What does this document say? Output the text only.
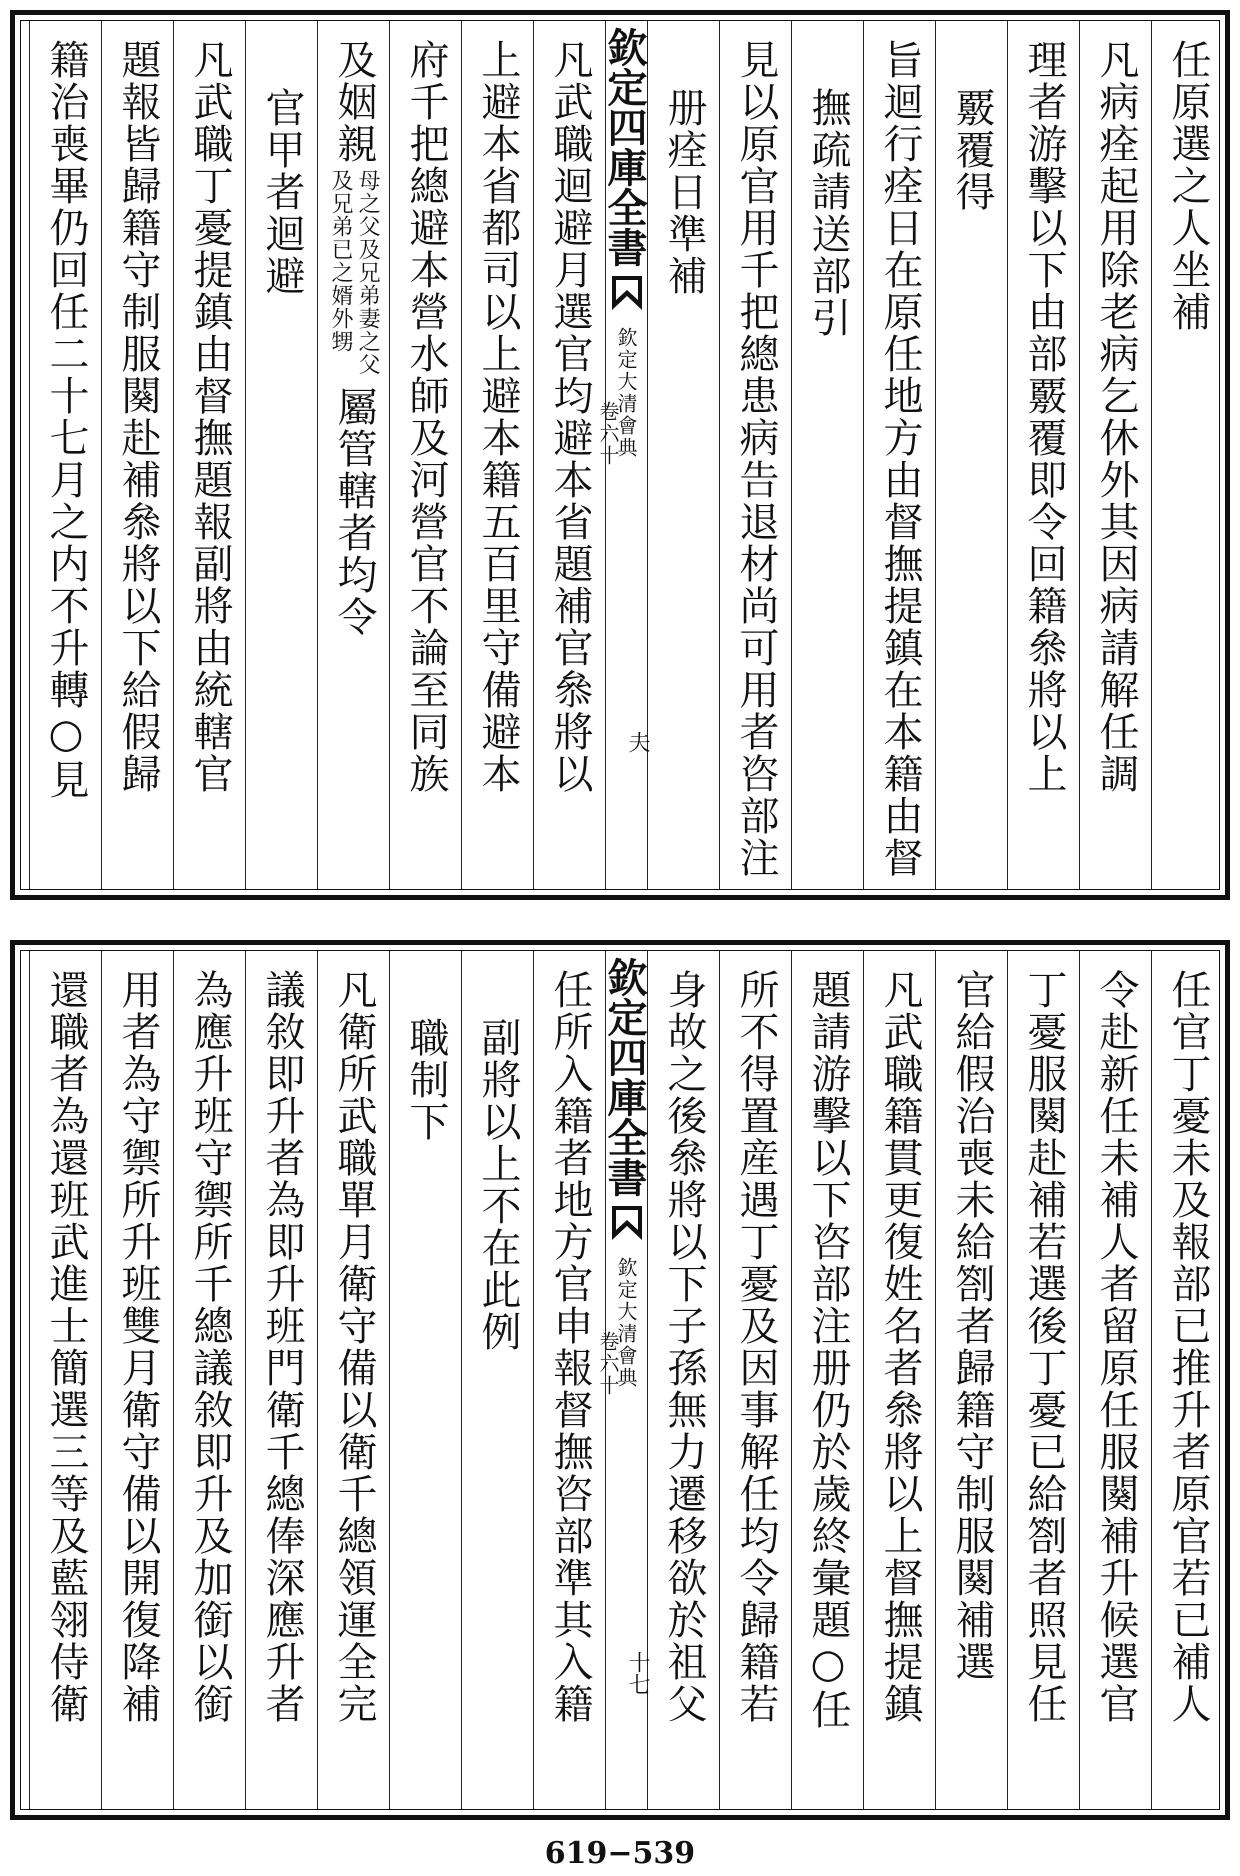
任原選之人坐補
凡病痊起用除老病乞休外其因病請解任調
理者游擊以下由部覈覆即令回籍叅將以上
覈覆得
旨迴行痊日在原任地方由督撫提鎮在本籍由督
撫疏請送部引
見以原官用千把總患病告退材尚可用者咨部注
册痊日準補
欽定四庫全書
欽定大清會典
卷六十
夫
凡武職迴避月選官均避本省題補官叅將以
上避本省都司以上避本籍五百里守備避本
府千把總避本營水師及河營官不論至同族
及姻親
母之父及兄弟妻之父
及兄弟已之婿外甥
屬管轄者均令
官甲者迴避
凡武職丁憂提鎮由督撫題報副將由統轄官
題報皆歸籍守制服闋赴補叅將以下給假歸
籍治喪畢仍回任二十七月之内不升轉○見
任官丁憂未及報部已推升者原官若已補人
令赴新任未補人者留原任服闋補升候選官
丁憂服闋赴補若選後丁憂已給劄者照見任
官給假治喪未給劄者歸籍守制服闋補選
凡武職籍貫更復姓名者叅將以上督撫提鎮
題請游擊以下咨部注册仍於歲終彙題○任
所不得置産遇丁憂及因事解任均令歸籍若
身故之後叅將以下子孫無力遷移欲於祖父
欽定四庫全書
欽定大清會典
卷六十
十七
任所入籍者地方官申報督撫咨部準其入籍
副將以上不在此例
職制下
凡衛所武職單月衛守備以衛千總領運全完
議敘即升者為即升班門衛千總俸深應升者
為應升班守禦所千總議敘即升及加銜以銜
用者為守禦所升班雙月衛守備以開復降補
還職者為還班武進士簡選三等及藍翎侍衛
619−539
